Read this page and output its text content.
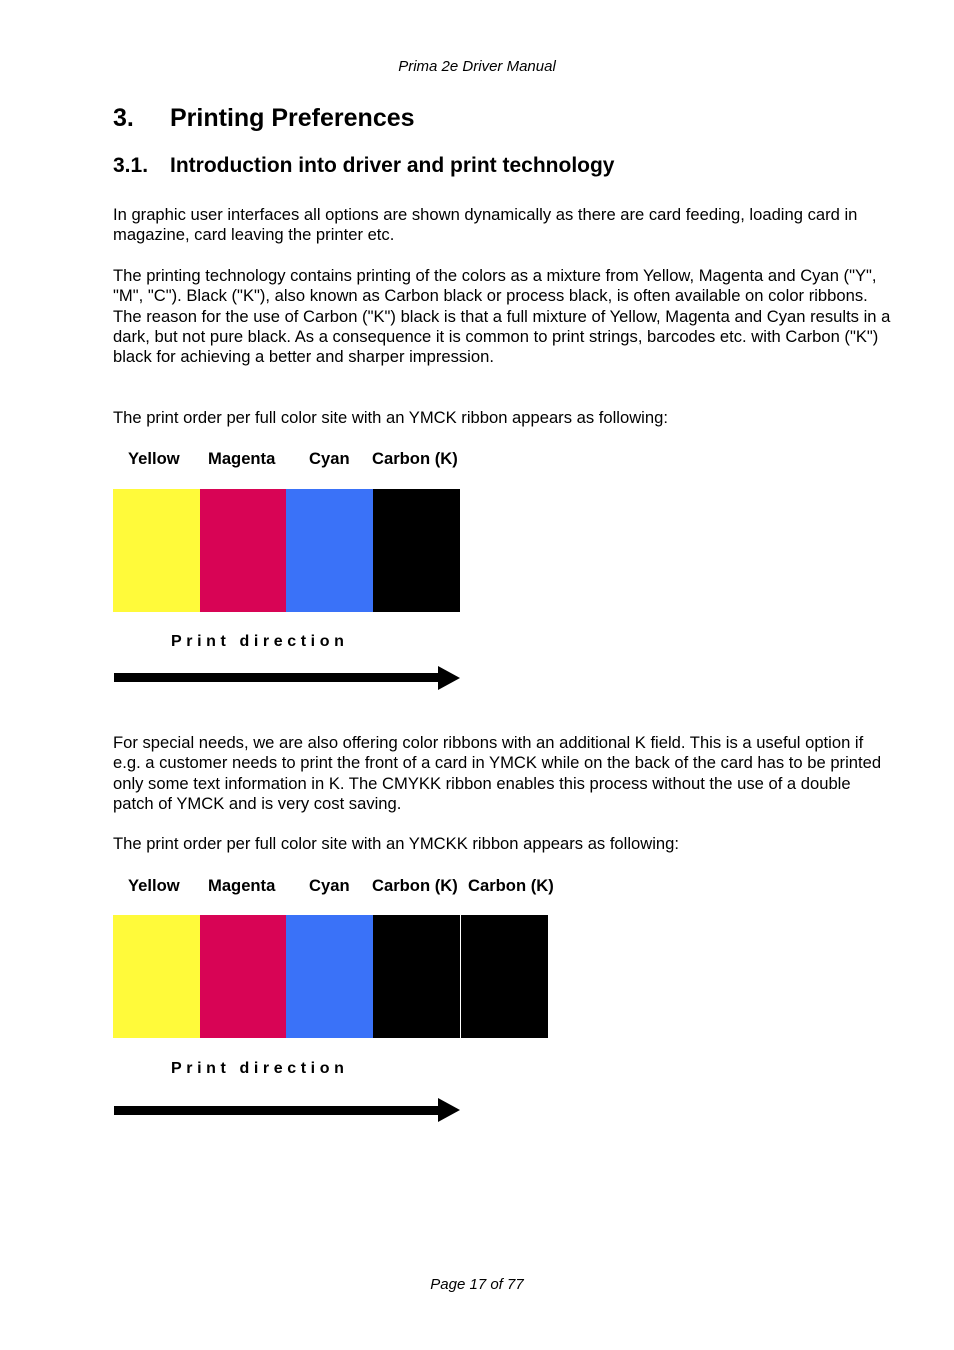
Prima 2e Driver Manual
3. Printing Preferences
3.1. Introduction into driver and print technology
In graphic user interfaces all options are shown dynamically as there are card feeding, loading card in magazine, card leaving the printer etc.
The printing technology contains printing of the colors as a mixture from Yellow, Magenta and Cyan ("Y", "M", "C"). Black ("K"), also known as Carbon black or process black, is often available on color ribbons. The reason for the use of Carbon ("K") black is that a full mixture of Yellow, Magenta and Cyan results in a dark, but not pure black. As a consequence it is common to print strings, barcodes etc. with Carbon ("K") black for achieving a better and sharper impression.
The print order per full color site with an YMCK ribbon appears as following:
Yellow Magenta Cyan Carbon (K)
Print direction
For special needs, we are also offering color ribbons with an additional K field. This is a useful option if e.g. a customer needs to print the front of a card in YMCK while on the back of the card has to be printed only some text information in K. The CMYKK ribbon enables this process without the use of a double patch of YMCK and is very cost saving.
The print order per full color site with an YMCKK ribbon appears as following:
Yellow Magenta Cyan Carbon (K) Carbon (K)
Print direction
Page 17 of 77
